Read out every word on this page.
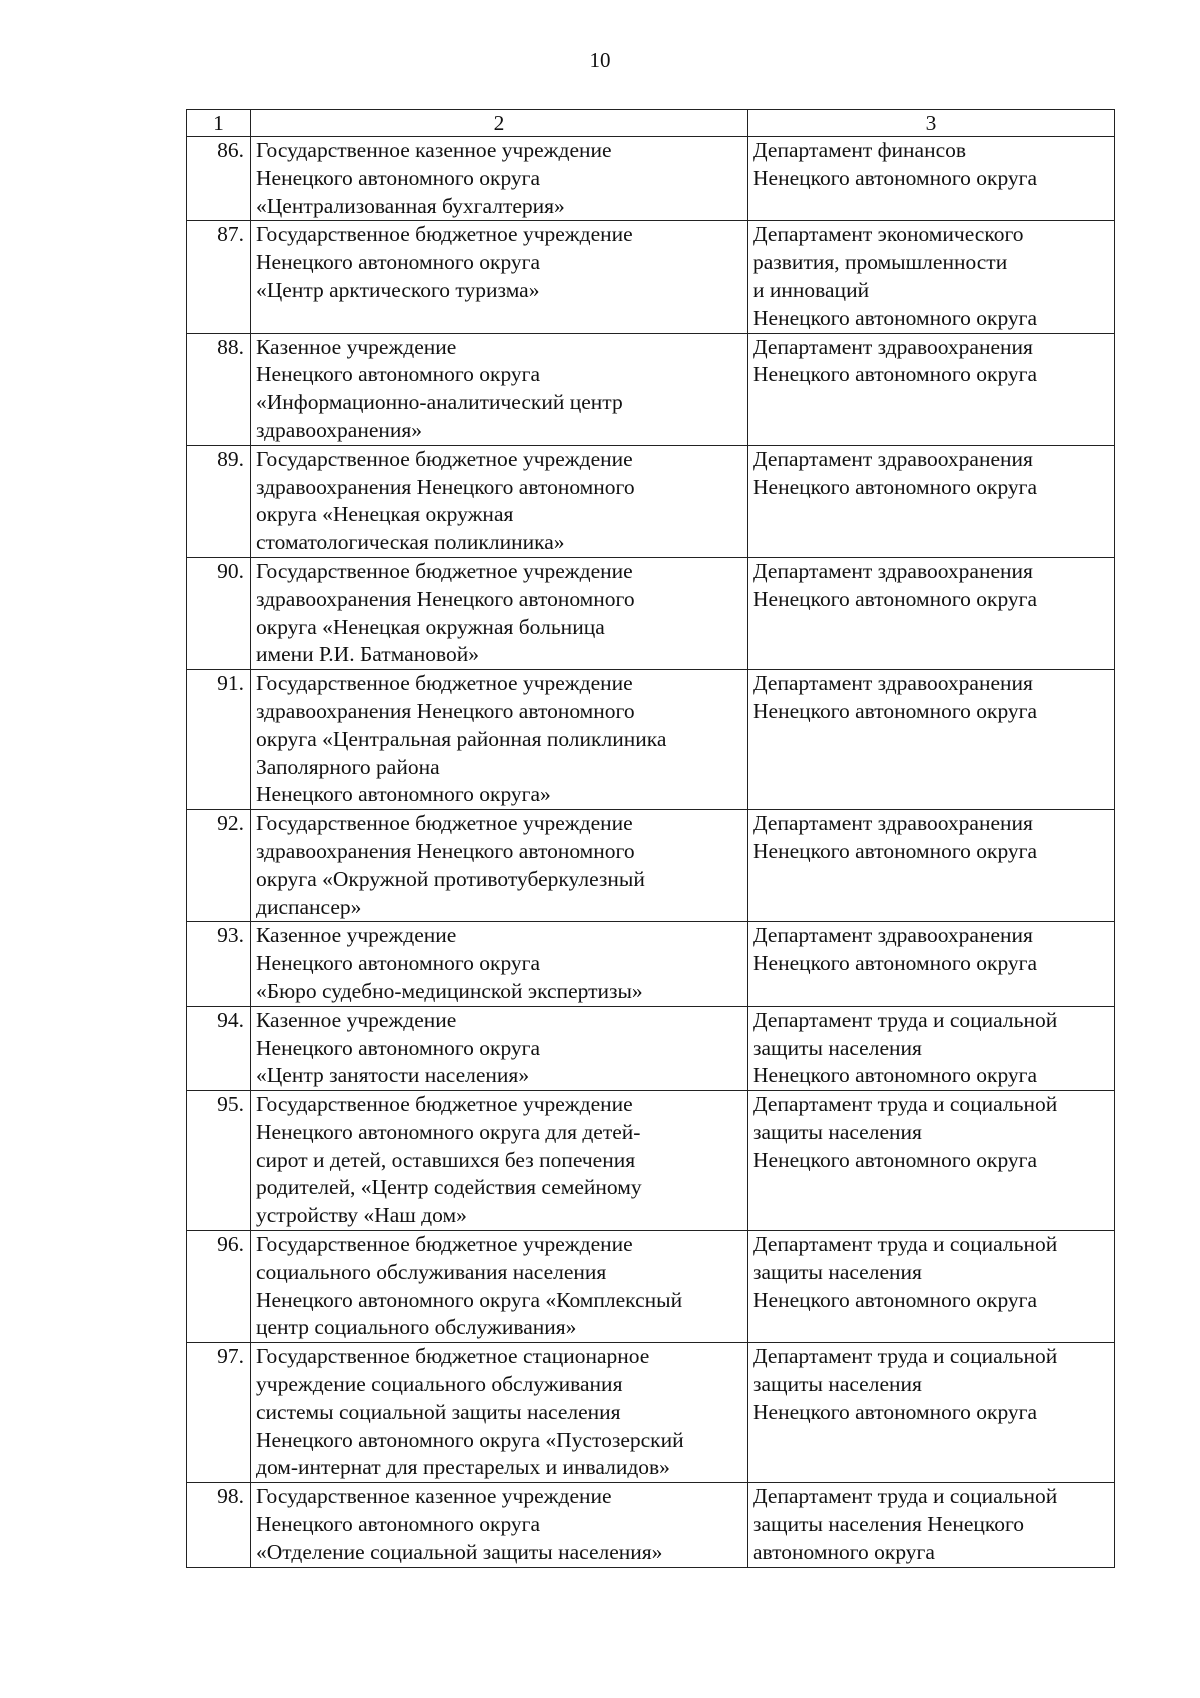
10
1	2	3
86.	Государственное казенное учреждение
Ненецкого автономного округа
«Централизованная бухгалтерия»	Департамент финансов
Ненецкого автономного округа
87.	Государственное бюджетное учреждение
Ненецкого автономного округа
«Центр арктического туризма»	Департамент экономического
развития, промышленности
и инноваций
Ненецкого автономного округа
88.	Казенное учреждение
Ненецкого автономного округа
«Информационно-аналитический центр
здравоохранения»	Департамент здравоохранения
Ненецкого автономного округа
89.	Государственное бюджетное учреждение
здравоохранения Ненецкого автономного
округа «Ненецкая окружная
стоматологическая поликлиника»	Департамент здравоохранения
Ненецкого автономного округа
90.	Государственное бюджетное учреждение
здравоохранения Ненецкого автономного
округа «Ненецкая окружная больница
имени Р.И. Батмановой»	Департамент здравоохранения
Ненецкого автономного округа
91.	Государственное бюджетное учреждение
здравоохранения Ненецкого автономного
округа «Центральная районная поликлиника
Заполярного района
Ненецкого автономного округа»	Департамент здравоохранения
Ненецкого автономного округа
92.	Государственное бюджетное учреждение
здравоохранения Ненецкого автономного
округа «Окружной противотуберкулезный
диспансер»	Департамент здравоохранения
Ненецкого автономного округа
93.	Казенное учреждение
Ненецкого автономного округа
«Бюро судебно-медицинской экспертизы»	Департамент здравоохранения
Ненецкого автономного округа
94.	Казенное учреждение
Ненецкого автономного округа
«Центр занятости населения»	Департамент труда и социальной
защиты населения
Ненецкого автономного округа
95.	Государственное бюджетное учреждение
Ненецкого автономного округа для детей-
сирот и детей, оставшихся без попечения
родителей, «Центр содействия семейному
устройству «Наш дом»	Департамент труда и социальной
защиты населения
Ненецкого автономного округа
96.	Государственное бюджетное учреждение
социального обслуживания населения
Ненецкого автономного округа «Комплексный
центр социального обслуживания»	Департамент труда и социальной
защиты населения
Ненецкого автономного округа
97.	Государственное бюджетное стационарное
учреждение социального обслуживания
системы социальной защиты населения
Ненецкого автономного округа «Пустозерский
дом-интернат для престарелых и инвалидов»	Департамент труда и социальной
защиты населения
Ненецкого автономного округа
98.	Государственное казенное учреждение
Ненецкого автономного округа
«Отделение социальной защиты населения»	Департамент труда и социальной
защиты населения Ненецкого
автономного округа
